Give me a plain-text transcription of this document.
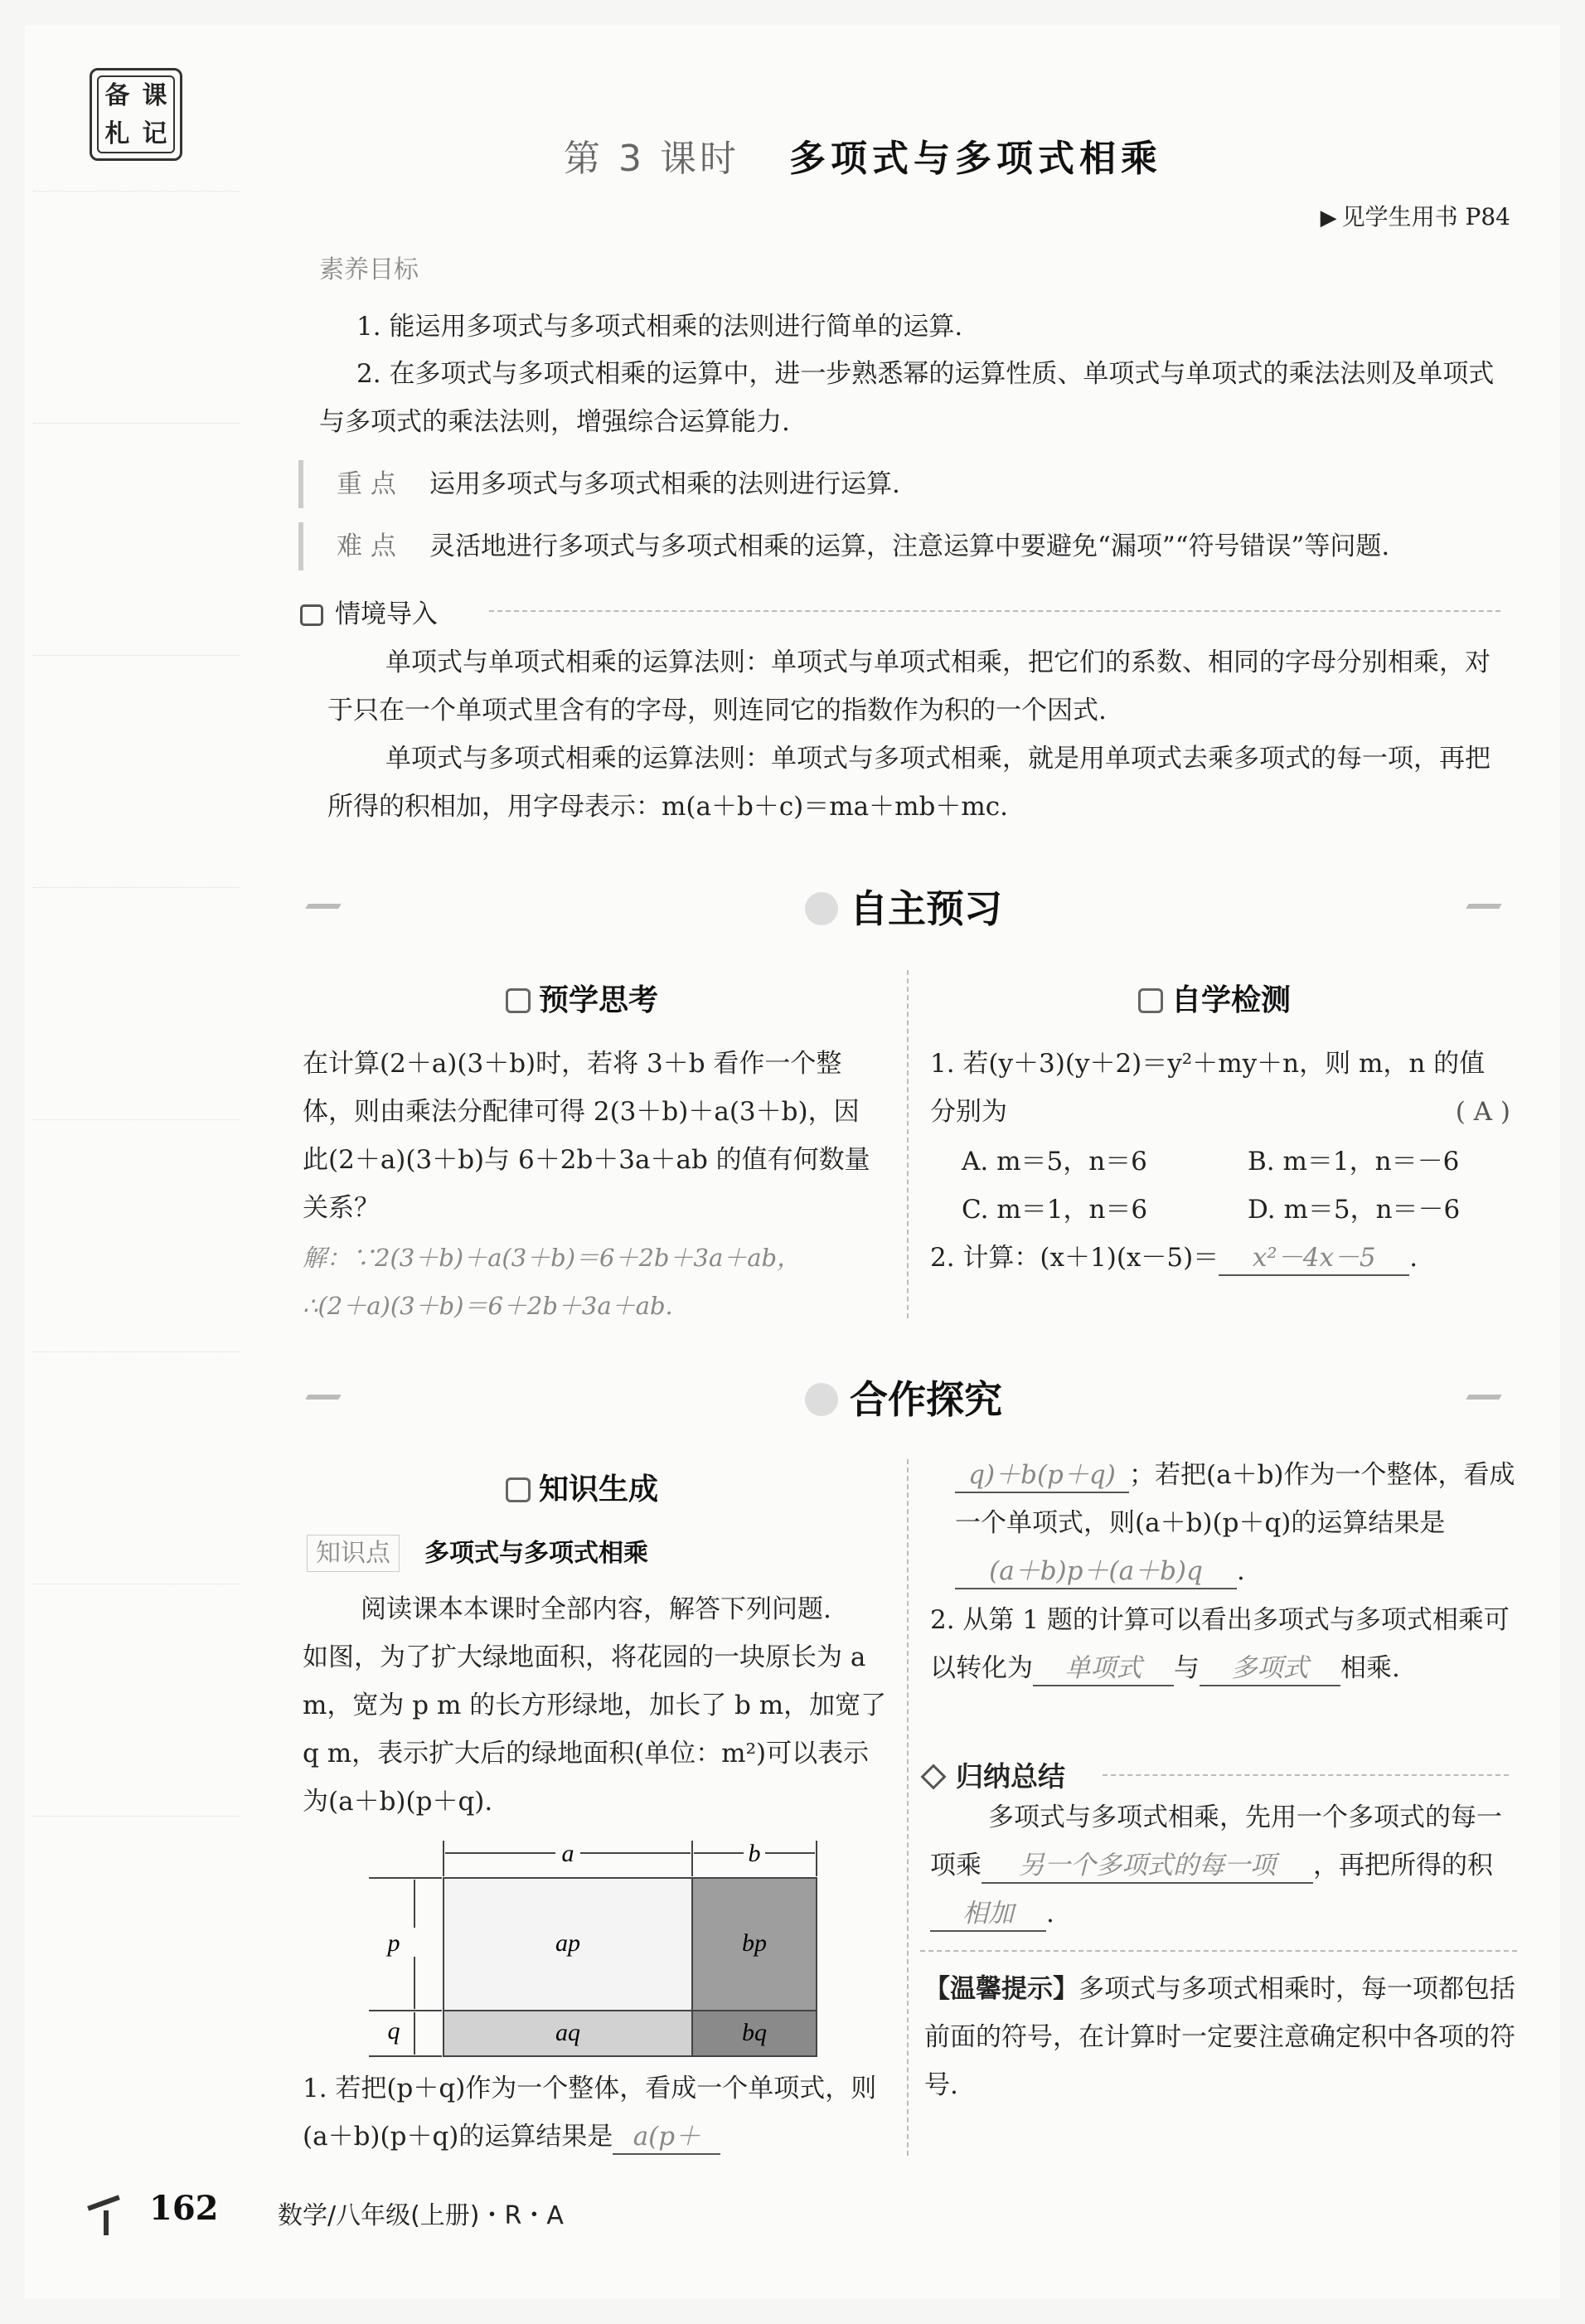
备 课
札 记
第 3 课时 多项式与多项式相乘
▶ 见学生用书 P84
素养目标
1. 能运用多项式与多项式相乘的法则进行简单的运算.
2. 在多项式与多项式相乘的运算中，进一步熟悉幂的运算性质、单项式与单项式的乘法法则及单项式与多项式的乘法法则，增强综合运算能力.
重 点 运用多项式与多项式相乘的法则进行运算.
难 点 灵活地进行多项式与多项式相乘的运算，注意运算中要避免“漏项”“符号错误”等问题.
情境导入

单项式与单项式相乘的运算法则：单项式与单项式相乘，把它们的系数、相同的字母分别相乘，对于只在一个单项式里含有的字母，则连同它的指数作为积的一个因式.

单项式与多项式相乘的运算法则：单项式与多项式相乘，就是用单项式去乘多项式的每一项，再把所得的积相加，用字母表示：m(a＋b＋c)＝ma＋mb＋mc.

自主预习
预学思考
在计算(2＋a)(3＋b)时，若将 3＋b 看作一个整体，则由乘法分配律可得 2(3＋b)＋a(3＋b)，因此(2＋a)(3＋b)与 6＋2b＋3a＋ab 的值有何数量关系？
解：∵2(3＋b)＋a(3＋b)＝6＋2b＋3a＋ab，
∴(2＋a)(3＋b)＝6＋2b＋3a＋ab.
自学检测
1. 若(y＋3)(y＋2)＝y²＋my＋n，则 m，n 的值分别为	( A )
A. m＝5，n＝6	B. m＝1，n＝－6
C. m＝1，n＝6	D. m＝5，n＝－6
2. 计算：(x＋1)(x－5)＝ x²－4x－5 .
合作探究
知识生成
知识点 多项式与多项式相乘
阅读课本本课时全部内容，解答下列问题.
如图，为了扩大绿地面积，将花园的一块原长为 a m，宽为 p m 的长方形绿地，加长了 b m，加宽了 q m，表示扩大后的绿地面积(单位：m²)可以表示为(a＋b)(p＋q).
a	b
p
q
ap	bp
aq	bq
1. 若把(p＋q)作为一个整体，看成一个单项式，则(a＋b)(p＋q)的运算结果是 a(p＋
q)＋b(p＋q) ；若把(a＋b)作为一个整体，看成一个单项式，则(a＋b)(p＋q)的运算结果是(a＋b)p＋(a＋b)q .
2. 从第 1 题的计算可以看出多项式与多项式相乘可以转化为 单项式 与 多项式 相乘.
归纳总结
多项式与多项式相乘，先用一个多项式的每一项乘 另一个多项式的每一项 ，再把所得的积相加 .
【温馨提示】多项式与多项式相乘时，每一项都包括前面的符号，在计算时一定要注意确定积中各项的符号.
162 数学/八年级(上册)・R・A
